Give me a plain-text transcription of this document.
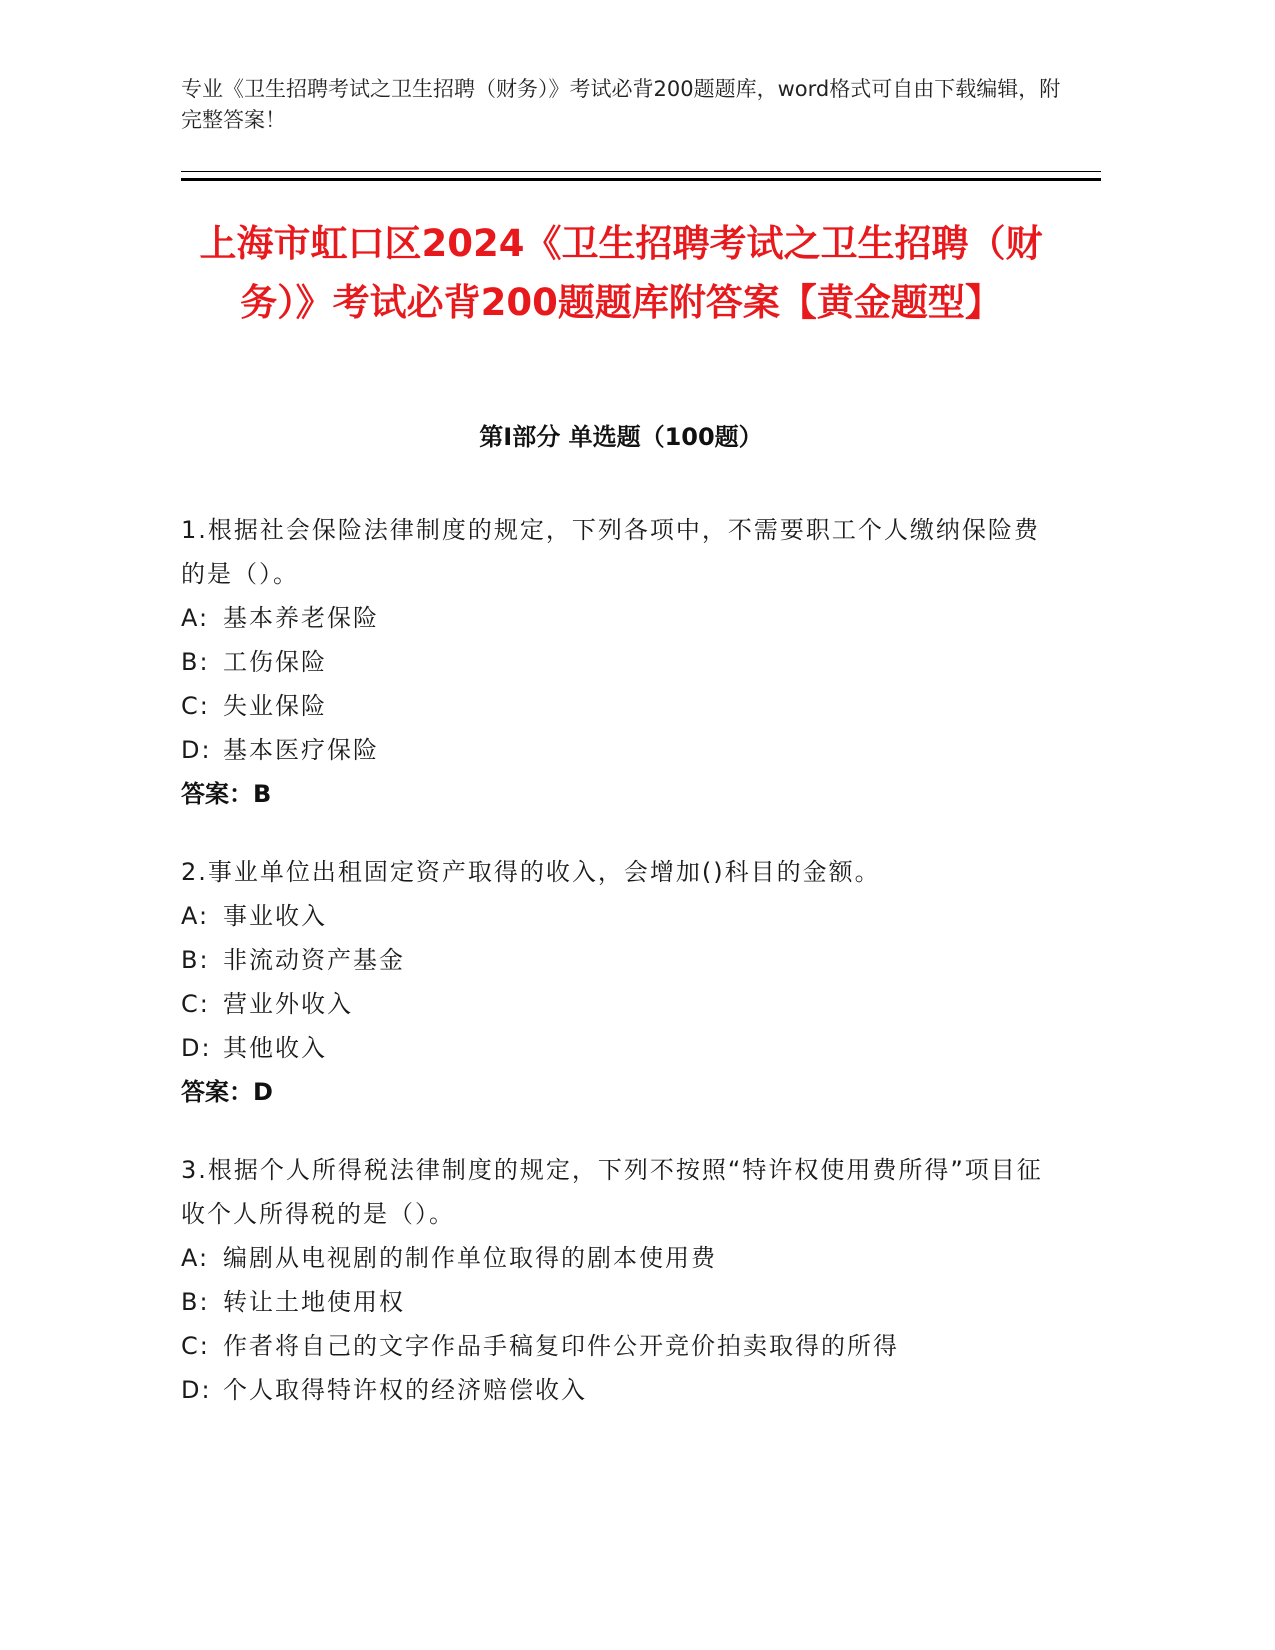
专业《卫生招聘考试之卫生招聘（财务）》考试必背200题题库，word格式可自由下载编辑，附完整答案！
上海市虹口区2024《卫生招聘考试之卫生招聘（财务）》考试必背200题题库附答案【黄金题型】
第Ⅰ部分 单选题（100题）
1.根据社会保险法律制度的规定，下列各项中，不需要职工个人缴纳保险费的是（）。
A: 基本养老保险
B: 工伤保险
C: 失业保险
D: 基本医疗保险
答案：B
2.事业单位出租固定资产取得的收入，会增加()科目的金额。
A: 事业收入
B: 非流动资产基金
C: 营业外收入
D: 其他收入
答案：D
3.根据个人所得税法律制度的规定，下列不按照“特许权使用费所得”项目征收个人所得税的是（）。
A: 编剧从电视剧的制作单位取得的剧本使用费
B: 转让土地使用权
C: 作者将自己的文字作品手稿复印件公开竞价拍卖取得的所得
D: 个人取得特许权的经济赔偿收入
